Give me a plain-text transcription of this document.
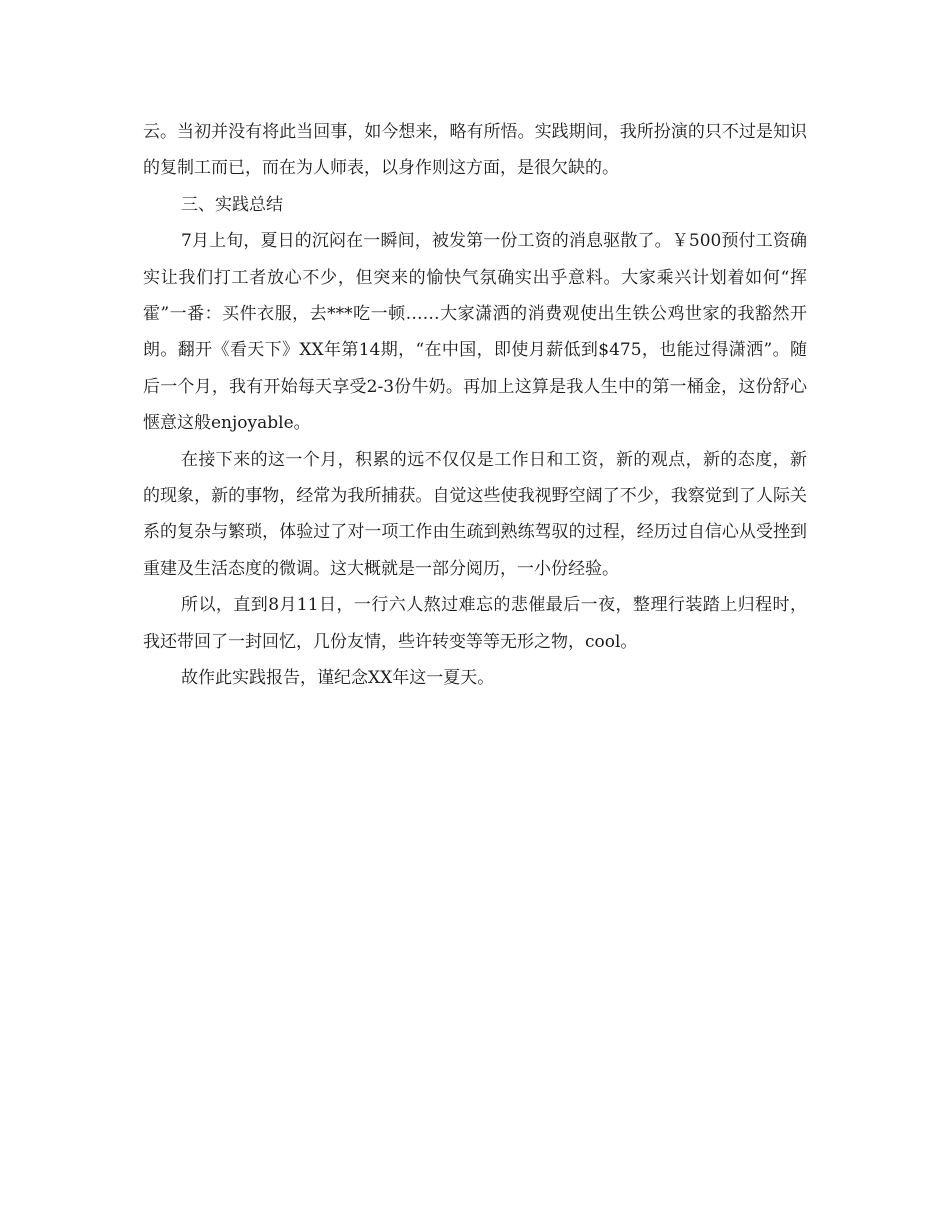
云。当初并没有将此当回事，如今想来，略有所悟。实践期间，我所扮演的只不过是知识的复制工而已，而在为人师表，以身作则这方面，是很欠缺的。

三、实践总结

7月上旬，夏日的沉闷在一瞬间，被发第一份工资的消息驱散了。￥500预付工资确实让我们打工者放心不少，但突来的愉快气氛确实出乎意料。大家乘兴计划着如何“挥霍”一番：买件衣服，去***吃一顿……大家潇洒的消费观使出生铁公鸡世家的我豁然开朗。翻开《看天下》XX年第14期，“在中国，即使月薪低到$475，也能过得潇洒”。随后一个月，我有开始每天享受2-3份牛奶。再加上这算是我人生中的第一桶金，这份舒心惬意这般enjoyable。

在接下来的这一个月，积累的远不仅仅是工作日和工资，新的观点，新的态度，新的现象，新的事物，经常为我所捕获。自觉这些使我视野空阔了不少，我察觉到了人际关系的复杂与繁琐，体验过了对一项工作由生疏到熟练驾驭的过程，经历过自信心从受挫到重建及生活态度的微调。这大概就是一部分阅历，一小份经验。

所以，直到8月11日，一行六人熬过难忘的悲催最后一夜，整理行装踏上归程时，我还带回了一封回忆，几份友情，些许转变等等无形之物，cool。

故作此实践报告，谨纪念XX年这一夏天。
